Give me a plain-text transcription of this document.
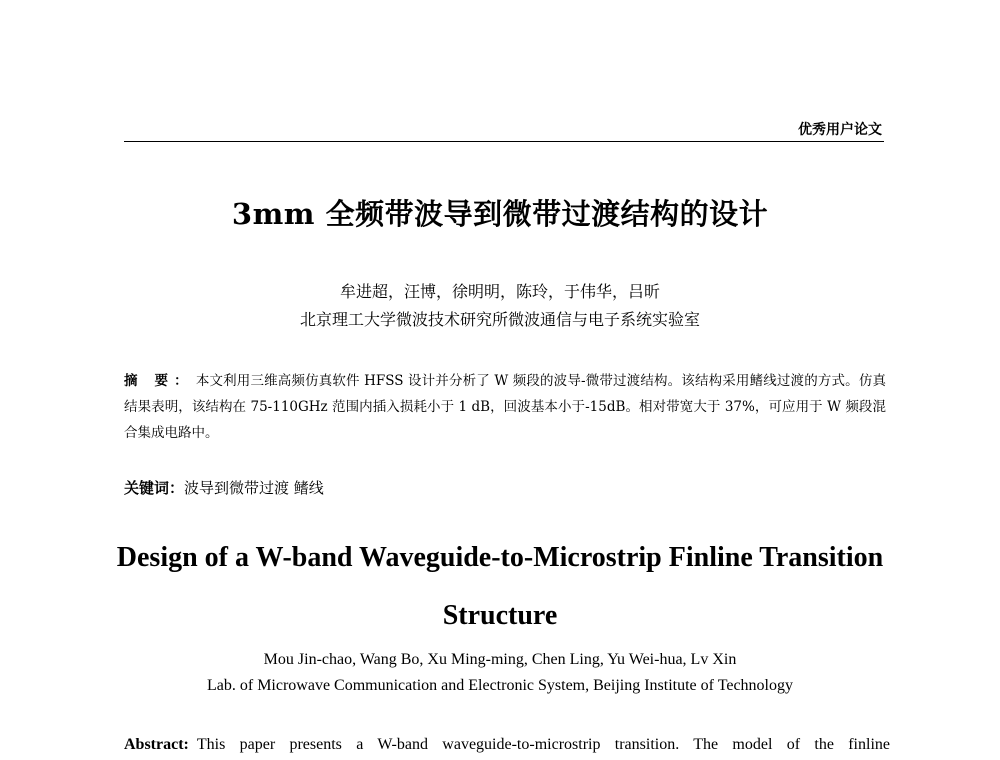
优秀用户论文
3mm 全频带波导到微带过渡结构的设计
牟进超，汪博，徐明明，陈玲，于伟华，吕昕
北京理工大学微波技术研究所微波通信与电子系统实验室
摘 要： 本文利用三维高频仿真软件 HFSS 设计并分析了 W 频段的波导-微带过渡结构。该结构采用鳍线过渡的方式。仿真结果表明，该结构在 75-110GHz 范围内插入损耗小于 1 dB，回波基本小于-15dB。相对带宽大于 37%，可应用于 W 频段混合集成电路中。
关键词：波导到微带过渡 鳍线
Design of a W-band Waveguide-to-Microstrip Finline Transition
Structure
Mou Jin-chao, Wang Bo, Xu Ming-ming, Chen Ling, Yu Wei-hua, Lv Xin
Lab. of Microwave Communication and Electronic System, Beijing Institute of Technology
Abstract: This paper presents a W-band waveguide-to-microstrip transition. The model of the finline
